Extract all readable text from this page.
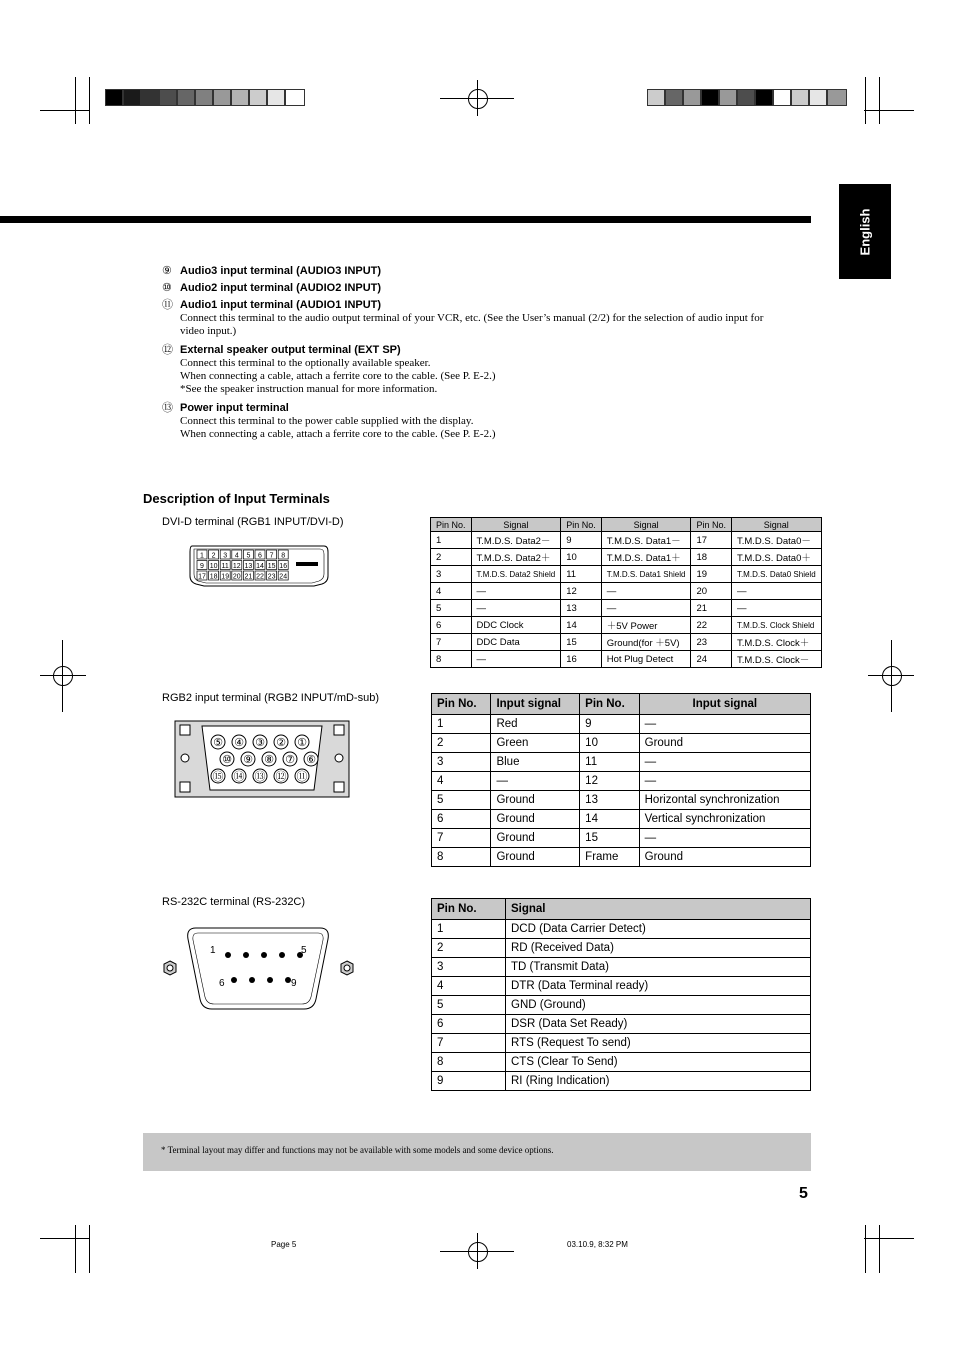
English
⑨ Audio3 input terminal (AUDIO3 INPUT)
⑩ Audio2 input terminal (AUDIO2 INPUT)
⑪ Audio1 input terminal (AUDIO1 INPUT)
Connect this terminal to the audio output terminal of your VCR, etc. (See the User’s manual (2/2) for the selection of audio input for
video input.)
⑫ External speaker output terminal (EXT SP)
Connect this terminal to the optionally available speaker.
When connecting a cable, attach a ferrite core to the cable. (See P. E-2.)
*See the speaker instruction manual for more information.
⑬ Power input terminal
Connect this terminal to the power cable supplied with the display.
When connecting a cable, attach a ferrite core to the cable. (See P. E-2.)
Description of Input Terminals
DVI-D terminal (RGB1 INPUT/DVI-D)
1 2 3 4 5 6 7 8
9 10 11 12 13 14 15 16
17 18 19 20 21 22 23 24
Pin No.	Signal	Pin No.	Signal	Pin No.	Signal
1	T.M.D.S. Data2－	9	T.M.D.S. Data1－	17	T.M.D.S. Data0－
2	T.M.D.S. Data2＋	10	T.M.D.S. Data1＋	18	T.M.D.S. Data0＋
3	T.M.D.S. Data2 Shield	11	T.M.D.S. Data1 Shield	19	T.M.D.S. Data0 Shield
4	—	12	—	20	—
5	—	13	—	21	—
6	DDC Clock	14	＋5V Power	22	T.M.D.S. Clock Shield
7	DDC Data	15	Ground(for ＋5V)	23	T.M.D.S. Clock＋
8	—	16	Hot Plug Detect	24	T.M.D.S. Clock－
RGB2 input terminal (RGB2 INPUT/mD-sub)
⑤ ④ ③ ② ①
⑩ ⑨ ⑧ ⑦ ⑥
⑮ ⑭ ⑬ ⑫ ⑪
Pin No.	Input signal	Pin No.	Input signal
1	Red	9	—
2	Green	10	Ground
3	Blue	11	—
4	—	12	—
5	Ground	13	Horizontal synchronization
6	Ground	14	Vertical synchronization
7	Ground	15	—
8	Ground	Frame	Ground
RS-232C terminal (RS-232C)
1	5
6	9
Pin No.	Signal
1	DCD (Data Carrier Detect)
2	RD (Received Data)
3	TD (Transmit Data)
4	DTR (Data Terminal ready)
5	GND (Ground)
6	DSR (Data Set Ready)
7	RTS (Request To send)
8	CTS (Clear To Send)
9	RI (Ring Indication)
* Terminal layout may differ and functions may not be available with some models and some device options.
5
Page 5	03.10.9, 8:32 PM
